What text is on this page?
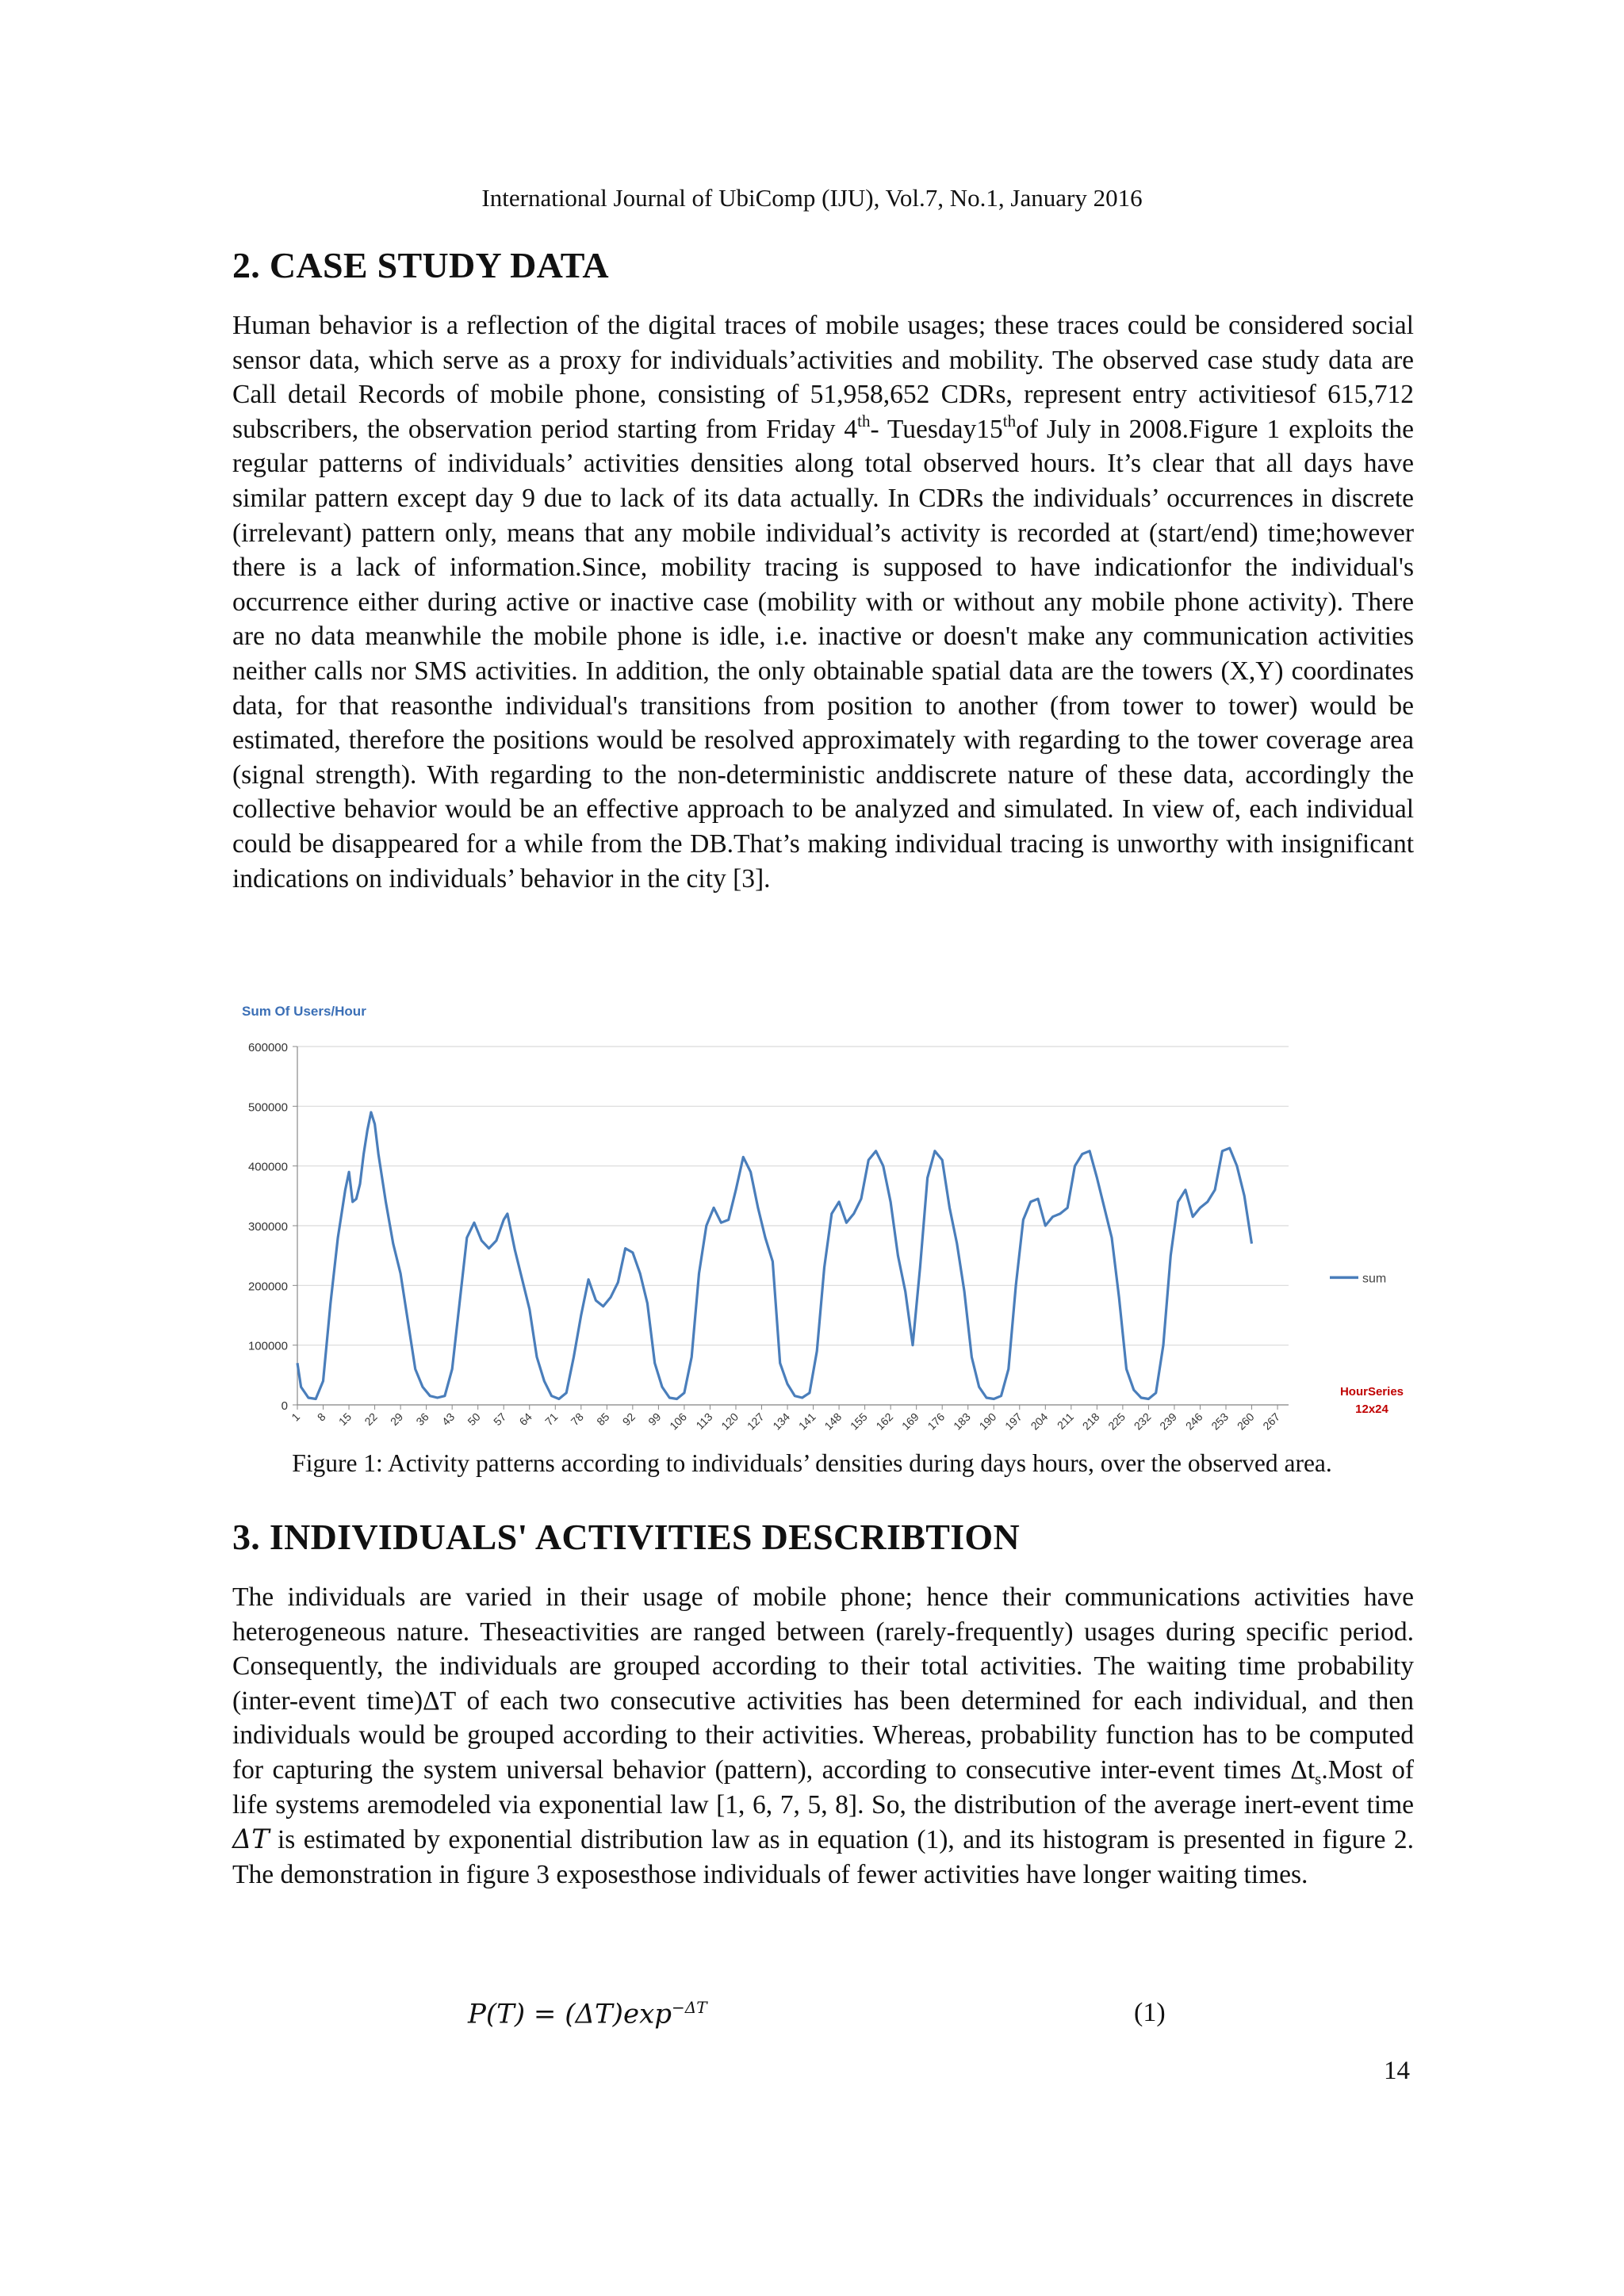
International Journal of UbiComp (IJU), Vol.7, No.1, January 2016
2. CASE STUDY DATA

Human behavior is a reflection of the digital traces of mobile usages; these traces could be considered social sensor data, which serve as a proxy for individuals’activities and mobility. The observed case study data are Call detail Records of mobile phone, consisting of 51,958,652 CDRs, represent entry activitiesof 615,712 subscribers, the observation period starting from Friday 4th- Tuesday15thof July in 2008.Figure 1 exploits the regular patterns of individuals’ activities densities along total observed hours. It’s clear that all days have similar pattern except day 9 due to lack of its data actually. In CDRs the individuals’ occurrences in discrete (irrelevant) pattern only, means that any mobile individual’s activity is recorded at (start/end) time;however there is a lack of information.Since, mobility tracing is supposed to have indicationfor the individual's occurrence either during active or inactive case (mobility with or without any mobile phone activity). There are no data meanwhile the mobile phone is idle, i.e. inactive or doesn't make any communication activities neither calls nor SMS activities. In addition, the only obtainable spatial data are the towers (X,Y) coordinates data, for that reasonthe individual's transitions from position to another (from tower to tower) would be estimated, therefore the positions would be resolved approximately with regarding to the tower coverage area (signal strength). With regarding to the non-deterministic anddiscrete nature of these data, accordingly the collective behavior would be an effective approach to be analyzed and simulated. In view of, each individual could be disappeared for a while from the DB.That’s making individual tracing is unworthy with insignificant indications on individuals’ behavior in the city [3].

Sum Of Users/Hour
0
100000
200000
300000
400000
500000
600000
1 8 15 22 29 36 43 50 57 64 71 78 85 92 99 106 113 120 127 134 141 148 155 162 169 176 183 190 197 204 211 218 225 232 239 246 253 260 267
sum
HourSeries
12x24
Figure 1: Activity patterns according to individuals’ densities during days hours, over the observed area.
3. INDIVIDUALS' ACTIVITIES DESCRIBTION

The individuals are varied in their usage of mobile phone; hence their communications activities have heterogeneous nature. Theseactivities are ranged between (rarely-frequently) usages during specific period. Consequently, the individuals are grouped according to their total activities. The waiting time probability (inter-event time)ΔT of each two consecutive activities has been determined for each individual, and then individuals would be grouped according to their activities. Whereas, probability function has to be computed for capturing the system universal behavior (pattern), according to consecutive inter-event times $\Delta t_s.Most$ of life systems aremodeled via exponential law [1, 6, 7, 5, 8]. So, the distribution of the average inert-event time ΔT is estimated by exponential distribution law as in equation (1), and its histogram is presented in figure 2. The demonstration in figure 3 exposesthose individuals of fewer activities have longer waiting times.

$P(T) = (\Delta T)\exp^{-\Delta T}$	(1)
14
